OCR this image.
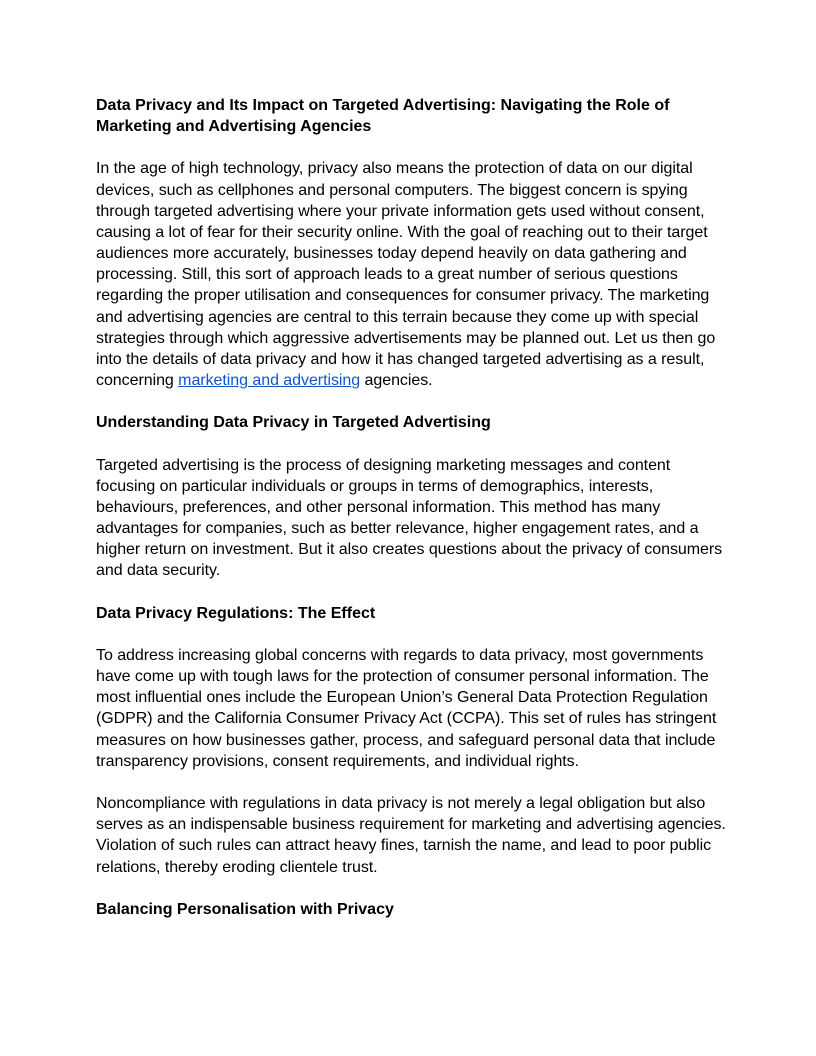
Data Privacy and Its Impact on Targeted Advertising: Navigating the Role of Marketing and Advertising Agencies

In the age of high technology, privacy also means the protection of data on our digital devices, such as cellphones and personal computers. The biggest concern is spying through targeted advertising where your private information gets used without consent, causing a lot of fear for their security online. With the goal of reaching out to their target audiences more accurately, businesses today depend heavily on data gathering and processing. Still, this sort of approach leads to a great number of serious questions regarding the proper utilisation and consequences for consumer privacy. The marketing and advertising agencies are central to this terrain because they come up with special strategies through which aggressive advertisements may be planned out. Let us then go into the details of data privacy and how it has changed targeted advertising as a result, concerning marketing and advertising agencies.

Understanding Data Privacy in Targeted Advertising

Targeted advertising is the process of designing marketing messages and content focusing on particular individuals or groups in terms of demographics, interests, behaviours, preferences, and other personal information. This method has many advantages for companies, such as better relevance, higher engagement rates, and a higher return on investment. But it also creates questions about the privacy of consumers and data security.

Data Privacy Regulations: The Effect

To address increasing global concerns with regards to data privacy, most governments have come up with tough laws for the protection of consumer personal information. The most influential ones include the European Union’s General Data Protection Regulation (GDPR) and the California Consumer Privacy Act (CCPA). This set of rules has stringent measures on how businesses gather, process, and safeguard personal data that include transparency provisions, consent requirements, and individual rights.

Noncompliance with regulations in data privacy is not merely a legal obligation but also serves as an indispensable business requirement for marketing and advertising agencies. Violation of such rules can attract heavy fines, tarnish the name, and lead to poor public relations, thereby eroding clientele trust.

Balancing Personalisation with Privacy
